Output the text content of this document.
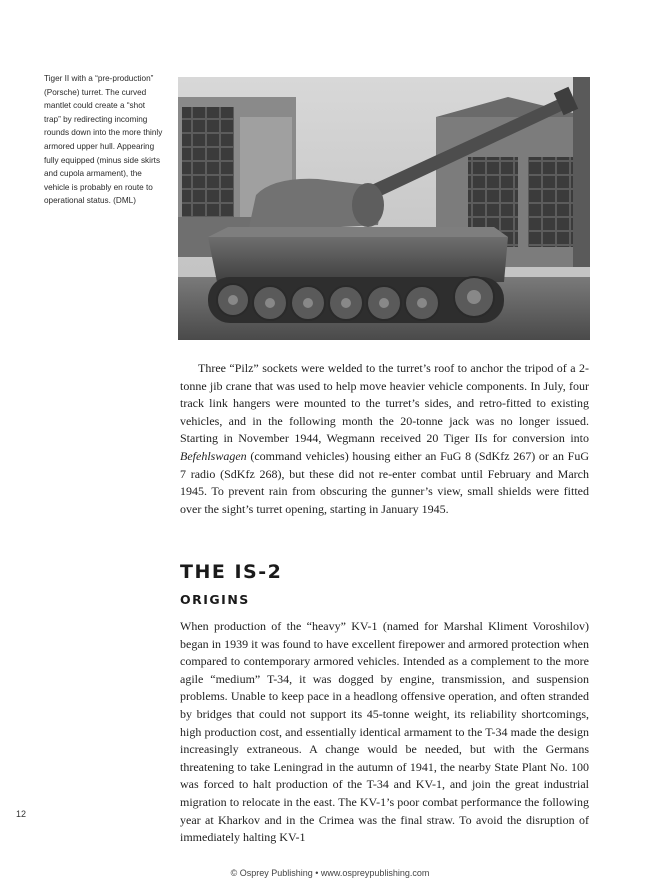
Tiger II with a “pre-production” (Porsche) turret. The curved mantlet could create a “shot trap” by redirecting incoming rounds down into the more thinly armored upper hull. Appearing fully equipped (minus side skirts and cupola armament), the vehicle is probably en route to operational status. (DML)

Three “Pilz” sockets were welded to the turret’s roof to anchor the tripod of a 2-tonne jib crane that was used to help move heavier vehicle components. In July, four track link hangers were mounted to the turret’s sides, and retro-fitted to existing vehicles, and in the following month the 20-tonne jack was no longer issued. Starting in November 1944, Wegmann received 20 Tiger IIs for conversion into Befehlswagen (command vehicles) housing either an FuG 8 (SdKfz 267) or an FuG 7 radio (SdKfz 268), but these did not re-enter combat until February and March 1945. To prevent rain from obscuring the gunner’s view, small shields were fitted over the sight’s turret opening, starting in January 1945.

THE IS-2
ORIGINS

When production of the “heavy” KV-1 (named for Marshal Kliment Voroshilov) began in 1939 it was found to have excellent firepower and armored protection when compared to contemporary armored vehicles. Intended as a complement to the more agile “medium” T-34, it was dogged by engine, transmission, and suspension problems. Unable to keep pace in a headlong offensive operation, and often stranded by bridges that could not support its 45-tonne weight, its reliability shortcomings, high production cost, and essentially identical armament to the T-34 made the design increasingly extraneous. A change would be needed, but with the Germans threatening to take Leningrad in the autumn of 1941, the nearby State Plant No. 100 was forced to halt production of the T-34 and KV-1, and join the great industrial migration to relocate in the east. The KV-1’s poor combat performance the following year at Kharkov and in the Crimea was the final straw. To avoid the disruption of immediately halting KV-1

12
© Osprey Publishing • www.ospreypublishing.com
